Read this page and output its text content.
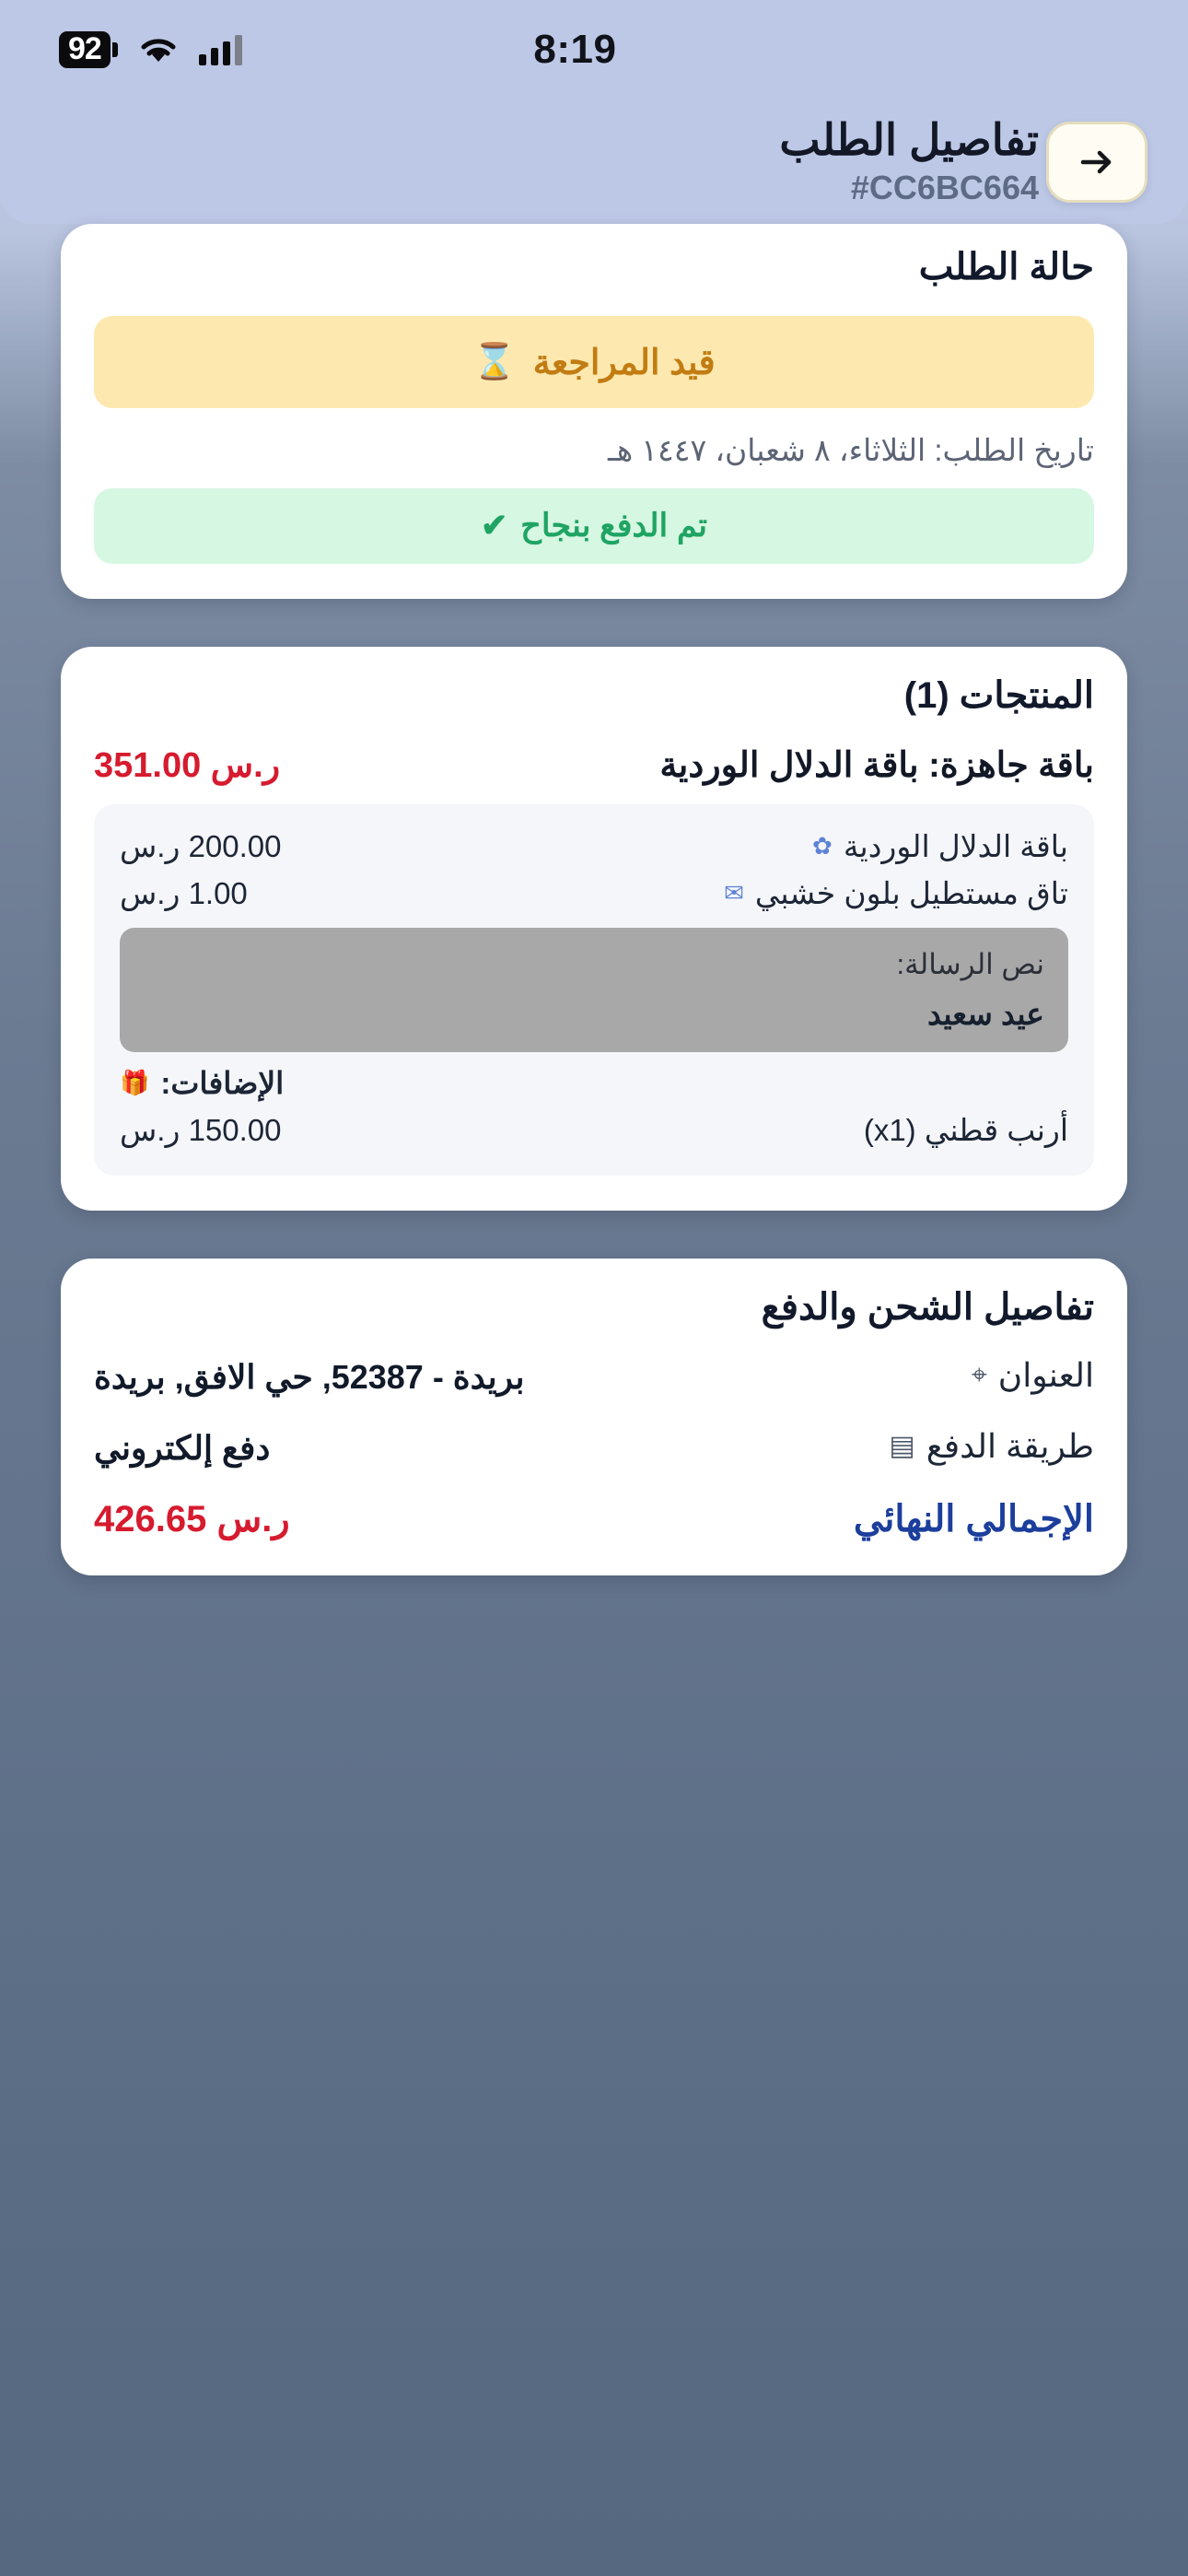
92	8:19
تفاصيل الطلب
#CC6BC664
حالة الطلب
قيد المراجعة
⌛
تاريخ الطلب: الثلاثاء، ٨ شعبان، ١٤٤٧ هـ
تم الدفع بنجاح
✔
المنتجات (1)
باقة جاهزة: باقة الدلال الوردية
351.00 ر.س
✿ باقة الدلال الوردية
200.00 ر.س
✉ تاق مستطيل بلون خشبي
1.00 ر.س
نص الرسالة:
عيد سعيد
🎁 الإضافات:
أرنب قطني (x1)
150.00 ر.س
تفاصيل الشحن والدفع
⌖ العنوان
بريدة - 52387, حي الافق, بريدة
▤ طريقة الدفع
دفع إلكتروني
الإجمالي النهائي
426.65 ر.س
